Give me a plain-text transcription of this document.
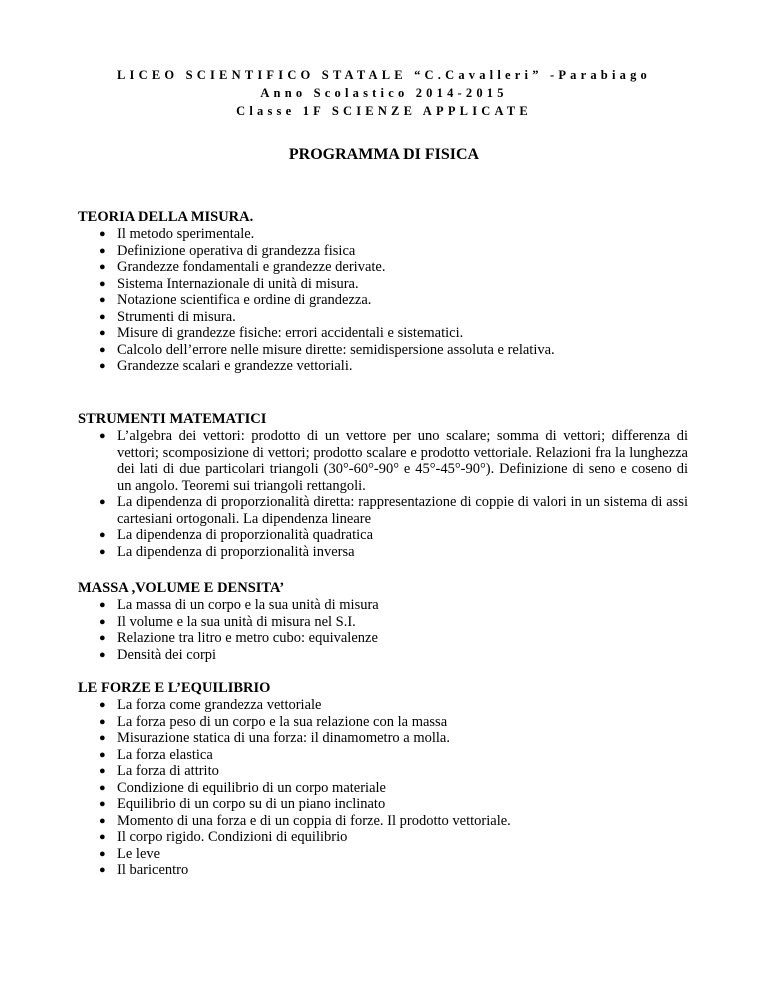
LICEO SCIENTIFICO STATALE “C.Cavalleri” -Parabiago
Anno Scolastico 2014-2015
Classe 1F SCIENZE APPLICATE
PROGRAMMA DI FISICA
TEORIA DELLA MISURA.
● Il metodo sperimentale.
● Definizione operativa di grandezza fisica
● Grandezze fondamentali e grandezze derivate.
● Sistema Internazionale di unità di misura.
● Notazione scientifica e ordine di grandezza.
● Strumenti di misura.
● Misure di grandezze fisiche: errori accidentali e sistematici.
● Calcolo dell’errore nelle misure dirette: semidispersione assoluta e relativa.
● Grandezze scalari e grandezze vettoriali.
STRUMENTI MATEMATICI
● L’algebra dei vettori: prodotto di un vettore per uno scalare; somma di vettori; differenza di vettori; scomposizione di vettori; prodotto scalare e prodotto vettoriale. Relazioni fra la lunghezza dei lati di due particolari triangoli (30°-60°-90° e 45°-45°-90°). Definizione di seno e coseno di un angolo. Teoremi sui triangoli rettangoli.
● La dipendenza di proporzionalità diretta: rappresentazione di coppie di valori in un sistema di assi cartesiani ortogonali. La dipendenza lineare
● La dipendenza di proporzionalità quadratica
● La dipendenza di proporzionalità inversa
MASSA ,VOLUME E DENSITA’
● La massa di un corpo e la sua unità di misura
● Il volume e la sua unità di misura nel S.I.
● Relazione tra litro e metro cubo: equivalenze
● Densità dei corpi
LE FORZE E L’EQUILIBRIO
● La forza come grandezza vettoriale
● La forza peso di un corpo e la sua relazione con la massa
● Misurazione statica di una forza: il dinamometro a molla.
● La forza elastica
● La forza di attrito
● Condizione di equilibrio di un corpo materiale
● Equilibrio di un corpo su di un piano inclinato
● Momento di una forza e di un coppia di forze. Il prodotto vettoriale.
● Il corpo rigido. Condizioni di equilibrio
● Le leve
● Il baricentro
